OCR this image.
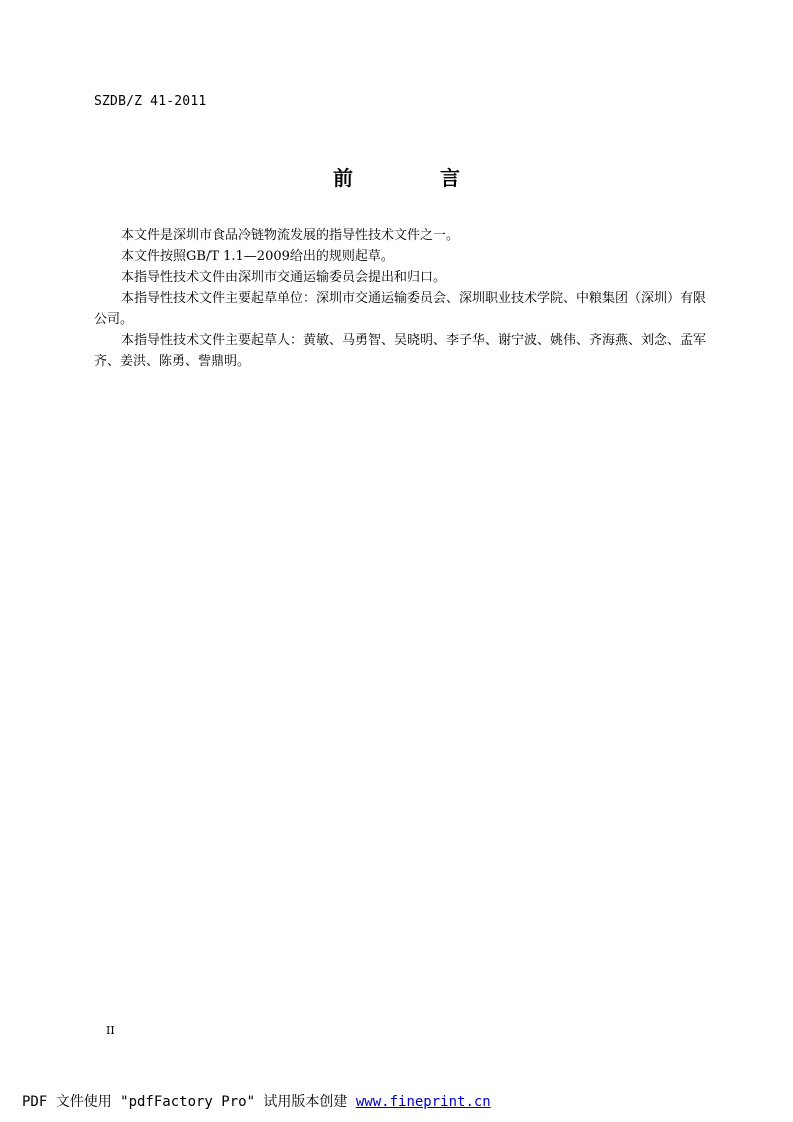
SZDB/Z 41-2011
前 言

本文件是深圳市食品冷链物流发展的指导性技术文件之一。

本文件按照GB/T 1.1—2009给出的规则起草。

本指导性技术文件由深圳市交通运输委员会提出和归口。

本指导性技术文件主要起草单位：深圳市交通运输委员会、深圳职业技术学院、中粮集团（深圳）有限公司。

本指导性技术文件主要起草人：黄敏、马勇智、吴晓明、李子华、谢宁波、姚伟、齐海燕、刘念、孟军齐、姜洪、陈勇、訾鼎明。

II
PDF 文件使用 "pdfFactory Pro" 试用版本创建 www.fineprint.cn
